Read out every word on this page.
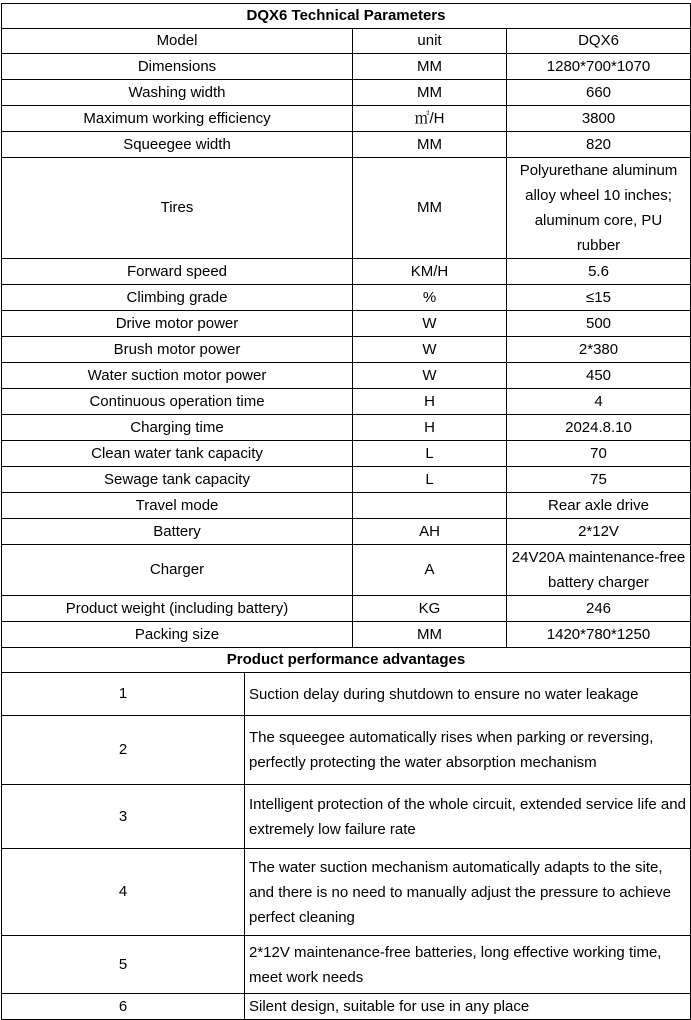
DQX6 Technical Parameters		
Model	unit	DQX6
Dimensions	MM	1280*700*1070
Washing width	MM	660
Maximum working efficiency	㎡/H	3800
Squeegee width	MM	820
Tires	MM	Polyurethane aluminum alloy wheel 10 inches; aluminum core, PU rubber
Forward speed	KM/H	5.6
Climbing grade	%	≤15
Drive motor power	W	500
Brush motor power	W	2*380
Water suction motor power	W	450
Continuous operation time	H	4
Charging time	H	2024.8.10
Clean water tank capacity	L	70
Sewage tank capacity	L	75
Travel mode		Rear axle drive
Battery	AH	2*12V
Charger	A	24V20A maintenance-free battery charger
Product weight (including battery)	KG	246
Packing size	MM	1420*780*1250
Product performance advantages		
1	Suction delay during shutdown to ensure no water leakage
2	The squeegee automatically rises when parking or reversing, perfectly protecting the water absorption mechanism
3	Intelligent protection of the whole circuit, extended service life and extremely low failure rate
4	The water suction mechanism automatically adapts to the site, and there is no need to manually adjust the pressure to achieve perfect cleaning
5	2*12V maintenance-free batteries, long effective working time, meet work needs
6	Silent design, suitable for use in any place
